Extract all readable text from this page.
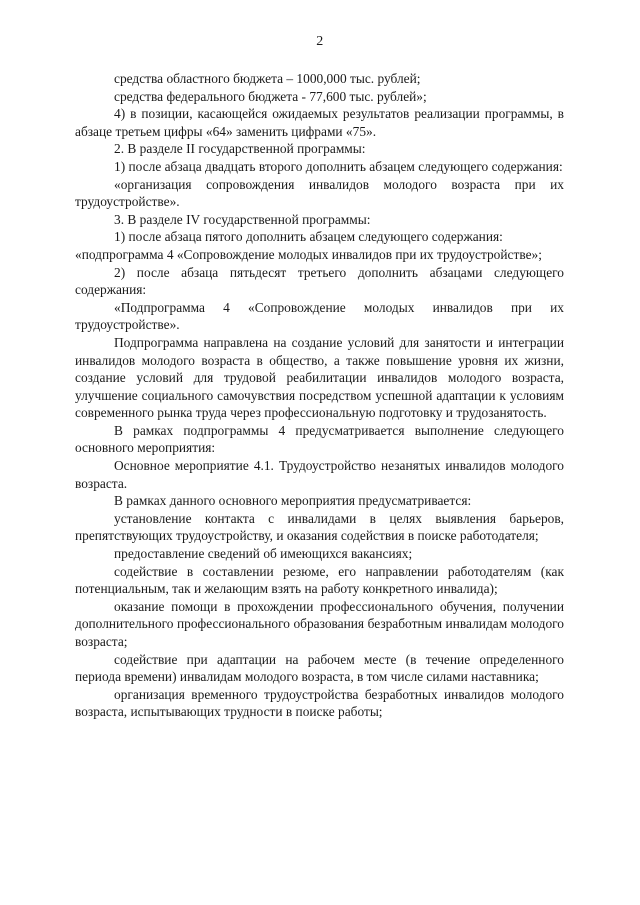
2

средства областного бюджета – 1000,000 тыс. рублей;

средства федерального бюджета - 77,600 тыс. рублей»;

4) в позиции, касающейся ожидаемых результатов реализации программы, в абзаце третьем цифры «64» заменить цифрами «75».

2. В разделе II государственной программы:

1) после абзаца двадцать второго дополнить абзацем следующего содержания:

«организация сопровождения инвалидов молодого возраста при их трудоустройстве».

3. В разделе IV государственной программы:

1) после абзаца пятого дополнить абзацем следующего содержания:

«подпрограмма 4 «Сопровождение молодых инвалидов при их трудоустройстве»;

2) после абзаца пятьдесят третьего дополнить абзацами следующего содержания:

«Подпрограмма 4 «Сопровождение молодых инвалидов при их трудоустройстве».

Подпрограмма направлена на создание условий для занятости и интеграции инвалидов молодого возраста в общество, а также повышение уровня их жизни, создание условий для трудовой реабилитации инвалидов молодого возраста, улучшение социального самочувствия посредством успешной адаптации к условиям современного рынка труда через профессиональную подготовку и трудозанятость.

В рамках подпрограммы 4 предусматривается выполнение следующего основного мероприятия:

Основное мероприятие 4.1. Трудоустройство незанятых инвалидов молодого возраста.

В рамках данного основного мероприятия предусматривается:

установление контакта с инвалидами в целях выявления барьеров, препятствующих трудоустройству, и оказания содействия в поиске работодателя;

предоставление сведений об имеющихся вакансиях;

содействие в составлении резюме, его направлении работодателям (как потенциальным, так и желающим взять на работу конкретного инвалида);

оказание помощи в прохождении профессионального обучения, получении дополнительного профессионального образования безработным инвалидам молодого возраста;

содействие при адаптации на рабочем месте (в течение определенного периода времени) инвалидам молодого возраста, в том числе силами наставника;

организация временного трудоустройства безработных инвалидов молодого возраста, испытывающих трудности в поиске работы;
